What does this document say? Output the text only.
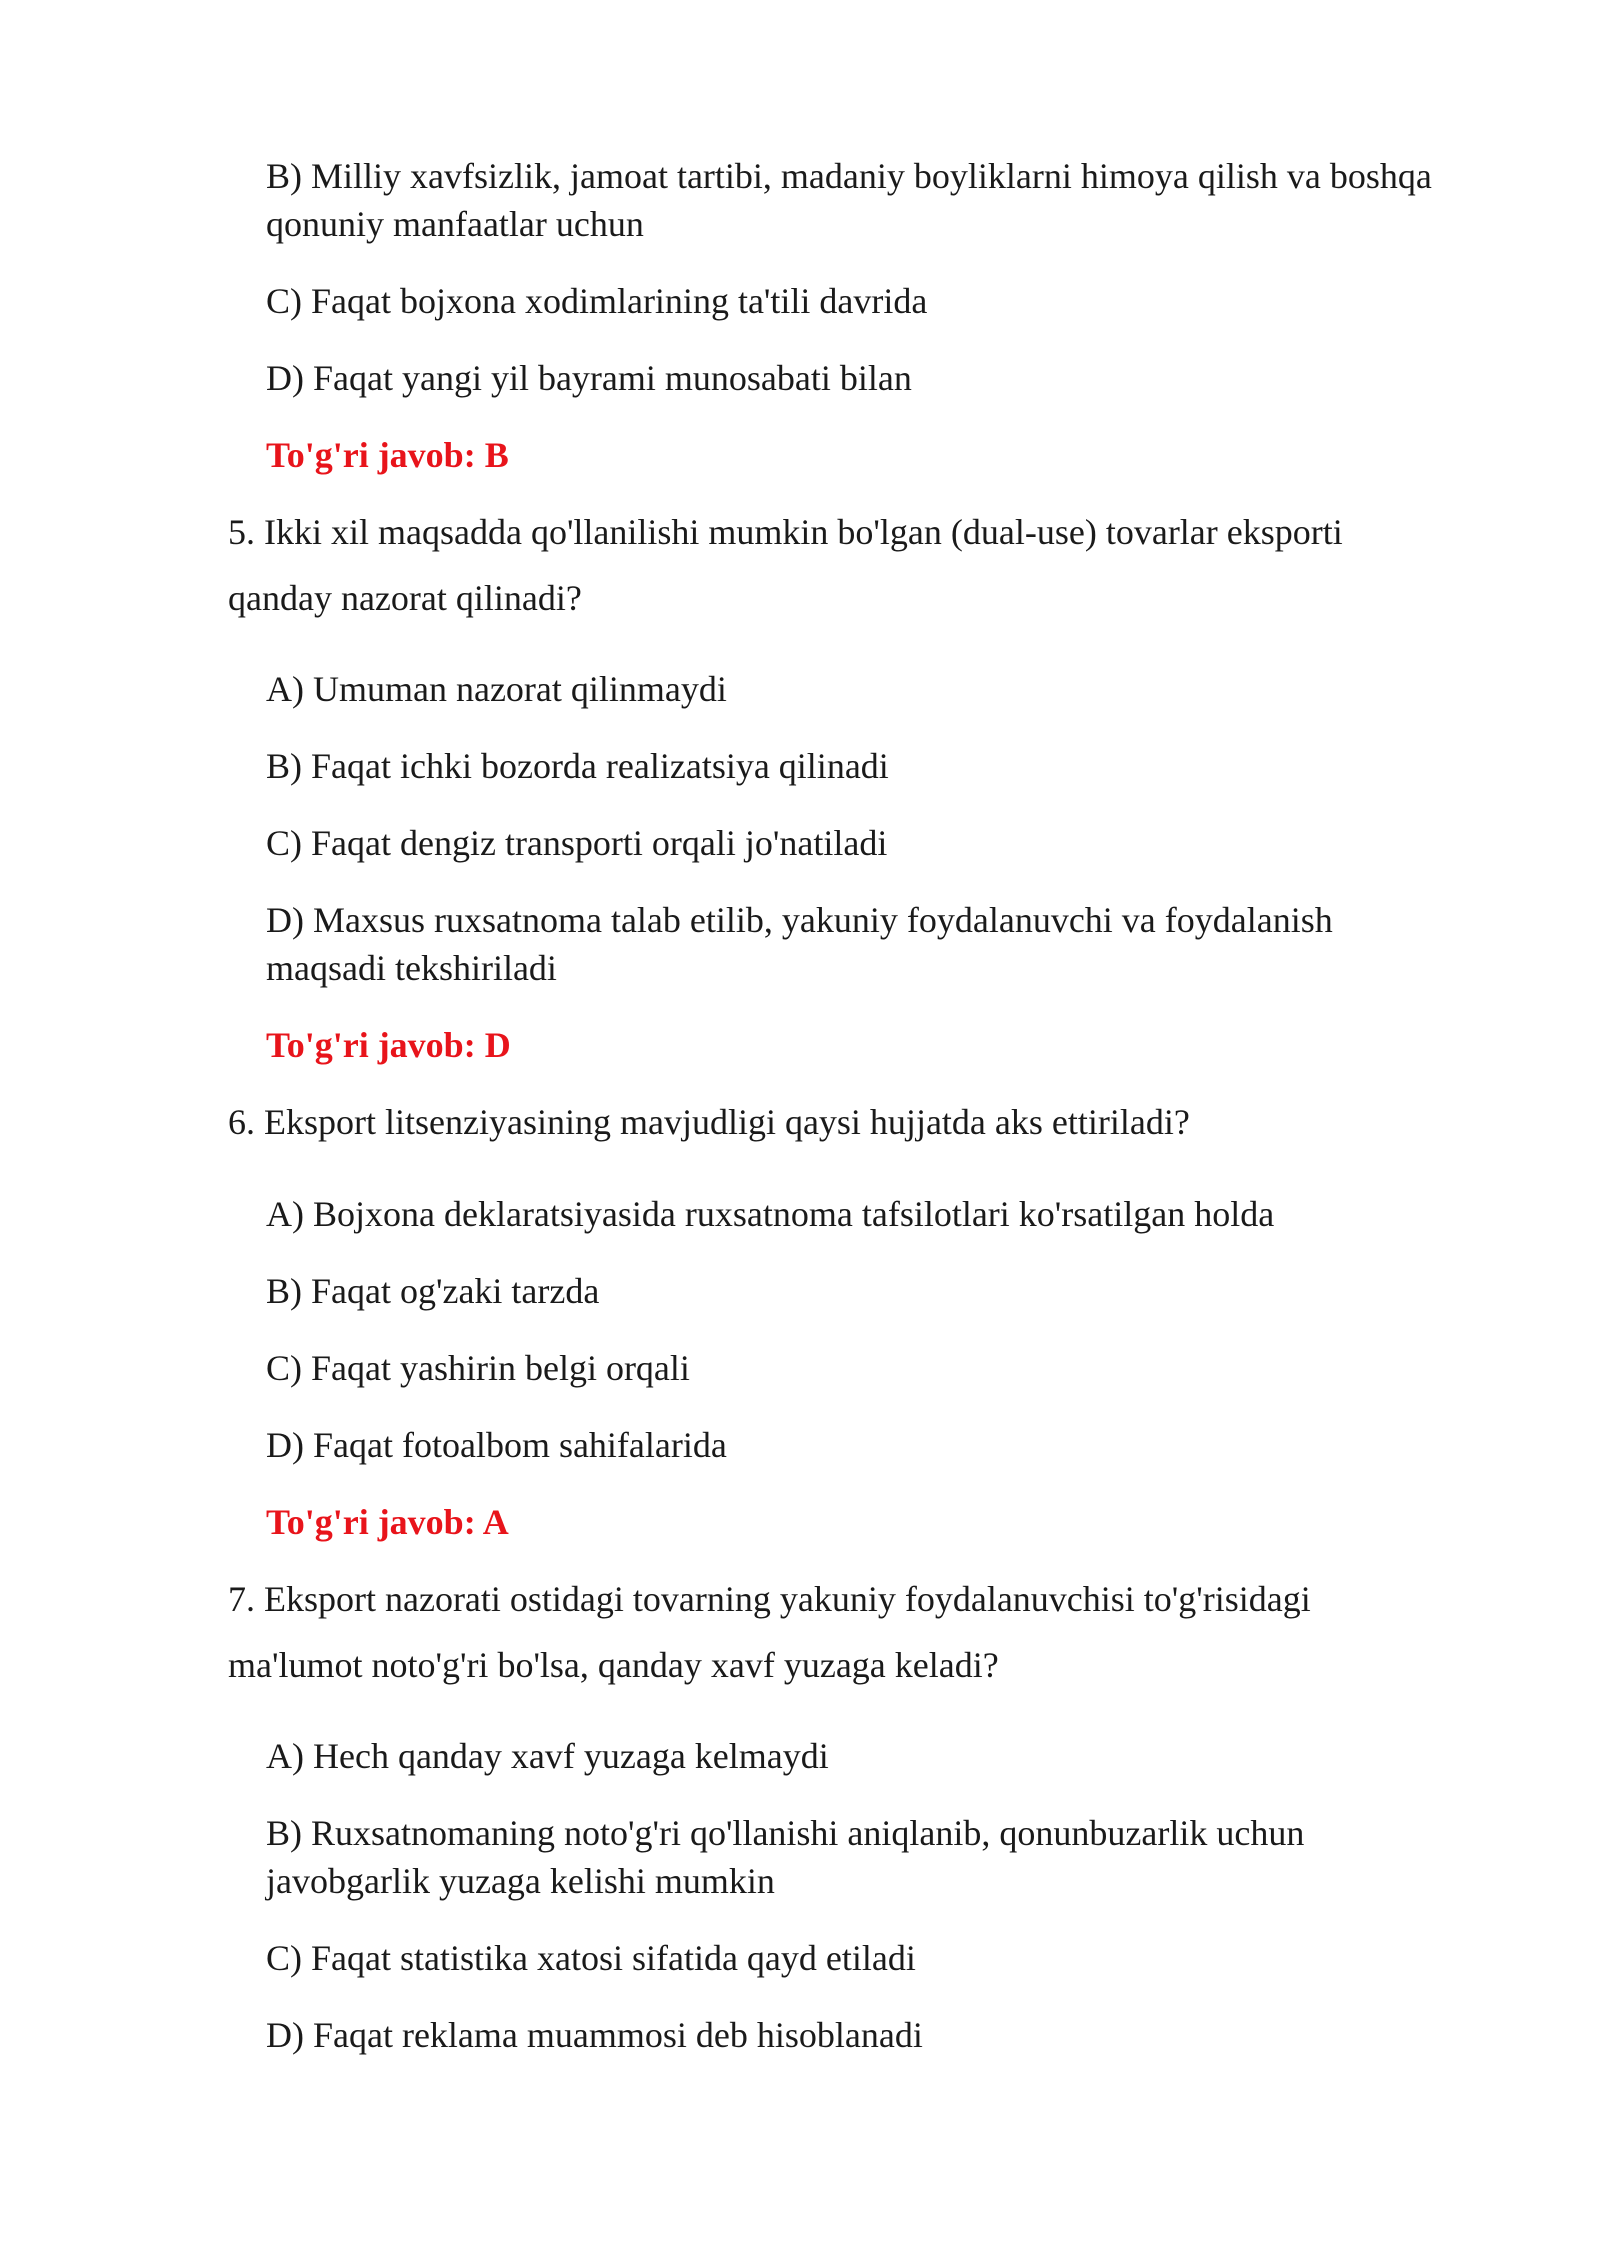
B) Milliy xavfsizlik, jamoat tartibi, madaniy boyliklarni himoya qilish va boshqa

qonuniy manfaatlar uchun

C) Faqat bojxona xodimlarining ta'tili davrida

D) Faqat yangi yil bayrami munosabati bilan

To'g'ri javob: B

5. Ikki xil maqsadda qo'llanilishi mumkin bo'lgan (dual-use) tovarlar eksporti

qanday nazorat qilinadi?

A) Umuman nazorat qilinmaydi

B) Faqat ichki bozorda realizatsiya qilinadi

C) Faqat dengiz transporti orqali jo'natiladi

D) Maxsus ruxsatnoma talab etilib, yakuniy foydalanuvchi va foydalanish

maqsadi tekshiriladi

To'g'ri javob: D

6. Eksport litsenziyasining mavjudligi qaysi hujjatda aks ettiriladi?

A) Bojxona deklaratsiyasida ruxsatnoma tafsilotlari ko'rsatilgan holda

B) Faqat og'zaki tarzda

C) Faqat yashirin belgi orqali

D) Faqat fotoalbom sahifalarida

To'g'ri javob: A

7. Eksport nazorati ostidagi tovarning yakuniy foydalanuvchisi to'g'risidagi

ma'lumot noto'g'ri bo'lsa, qanday xavf yuzaga keladi?

A) Hech qanday xavf yuzaga kelmaydi

B) Ruxsatnomaning noto'g'ri qo'llanishi aniqlanib, qonunbuzarlik uchun

javobgarlik yuzaga kelishi mumkin

C) Faqat statistika xatosi sifatida qayd etiladi

D) Faqat reklama muammosi deb hisoblanadi
